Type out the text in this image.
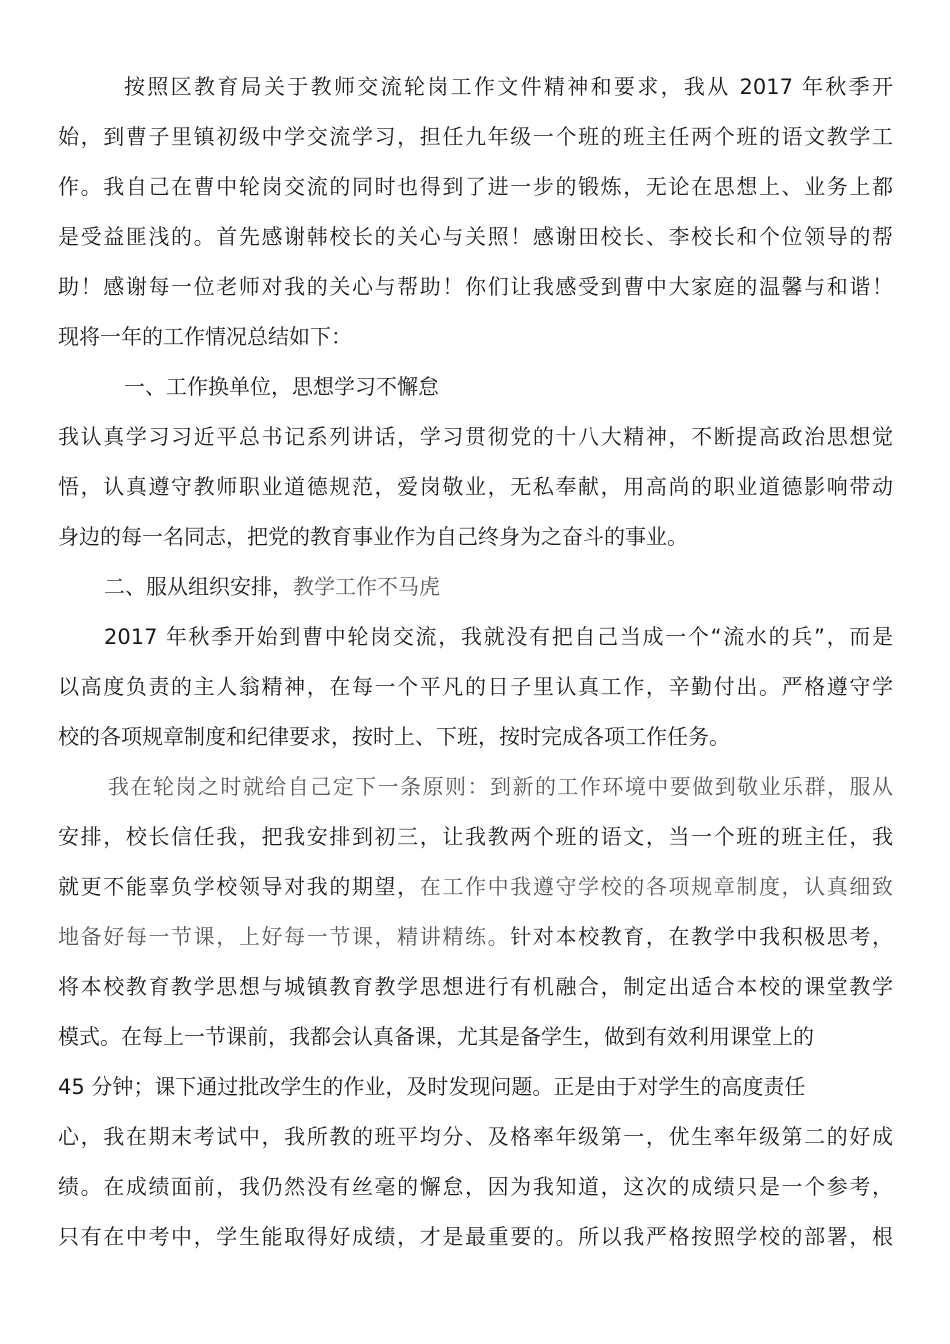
按照区教育局关于教师交流轮岗工作文件精神和要求，我从 2017 年秋季开
始，到曹子里镇初级中学交流学习，担任九年级一个班的班主任两个班的语文教学工
作。我自己在曹中轮岗交流的同时也得到了进一步的锻炼，无论在思想上、业务上都
是受益匪浅的。首先感谢韩校长的关心与关照！感谢田校长、李校长和个位领导的帮
助！感谢每一位老师对我的关心与帮助！你们让我感受到曹中大家庭的温馨与和谐！
现将一年的工作情况总结如下：
一、工作换单位，思想学习不懈怠
我认真学习习近平总书记系列讲话，学习贯彻党的十八大精神，不断提高政治思想觉
悟，认真遵守教师职业道德规范，爱岗敬业，无私奉献，用高尚的职业道德影响带动
身边的每一名同志，把党的教育事业作为自己终身为之奋斗的事业。
二、服从组织安排，教学工作不马虎
2017 年秋季开始到曹中轮岗交流，我就没有把自己当成一个“流水的兵”，而是
以高度负责的主人翁精神，在每一个平凡的日子里认真工作，辛勤付出。严格遵守学
校的各项规章制度和纪律要求，按时上、下班，按时完成各项工作任务。
我在轮岗之时就给自己定下一条原则：到新的工作环境中要做到敬业乐群，服从
安排，校长信任我，把我安排到初三，让我教两个班的语文，当一个班的班主任，我
就更不能辜负学校领导对我的期望，在工作中我遵守学校的各项规章制度，认真细致
地备好每一节课，上好每一节课，精讲精练。针对本校教育，在教学中我积极思考，
将本校教育教学思想与城镇教育教学思想进行有机融合，制定出适合本校的课堂教学
模式。在每上一节课前，我都会认真备课，尤其是备学生，做到有效利用课堂上的
45 分钟；课下通过批改学生的作业，及时发现问题。正是由于对学生的高度责任
心，我在期末考试中，我所教的班平均分、及格率年级第一，优生率年级第二的好成
绩。在成绩面前，我仍然没有丝毫的懈怠，因为我知道，这次的成绩只是一个参考，
只有在中考中，学生能取得好成绩，才是最重要的。所以我严格按照学校的部署，根
